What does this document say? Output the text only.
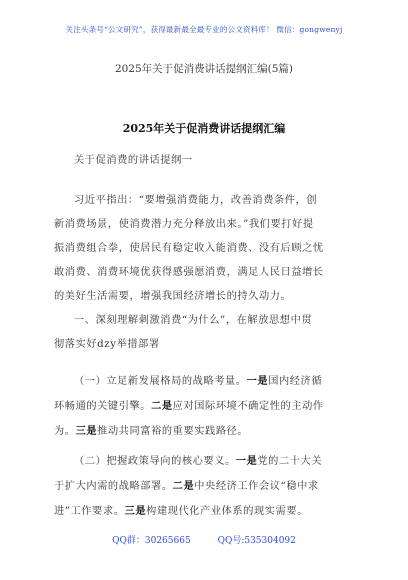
关注头条号“公文研究”，获得最新最全最专业的公文资料库！ 微信：gongwenyj
2025年关于促消费讲话提纲汇编(5篇)
2025年关于促消费讲话提纲汇编
关于促消费的讲话提纲一
习近平指出：“要增强消费能力，改善消费条件，创
新消费场景，使消费潜力充分释放出来。”我们要打好提
振消费组合拳，使居民有稳定收入能消费、没有后顾之忧
敢消费、消费环境优获得感强愿消费，满足人民日益增长
的美好生活需要，增强我国经济增长的持久动力。
一、深刻理解刺激消费“为什么”，在解放思想中贯
彻落实好dzy举措部署
（一）立足新发展格局的战略考量。一是国内经济循
环畅通的关键引擎。二是应对国际环境不确定性的主动作
为。三是推动共同富裕的重要实践路径。
（二）把握政策导向的核心要义。一是党的二十大关
于扩大内需的战略部署。二是中央经济工作会议“稳中求
进”工作要求。三是构建现代化产业体系的现实需要。
QQ群：30265665	QQ号:535304092
